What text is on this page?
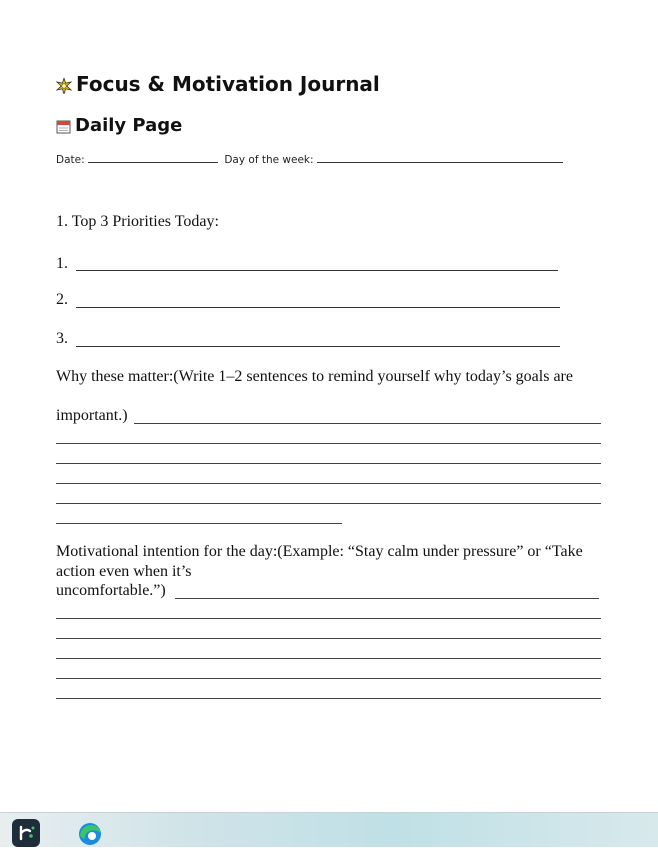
Focus & Motivation Journal
Daily Page
Date:	Day of the week:
1. Top 3 Priorities Today:
1.
2.
3.
Why these matter:(Write 1–2 sentences to remind yourself why today’s goals are
important.)
Motivational intention for the day:(Example: “Stay calm under pressure” or “Take action even when it’s
uncomfortable.”)
